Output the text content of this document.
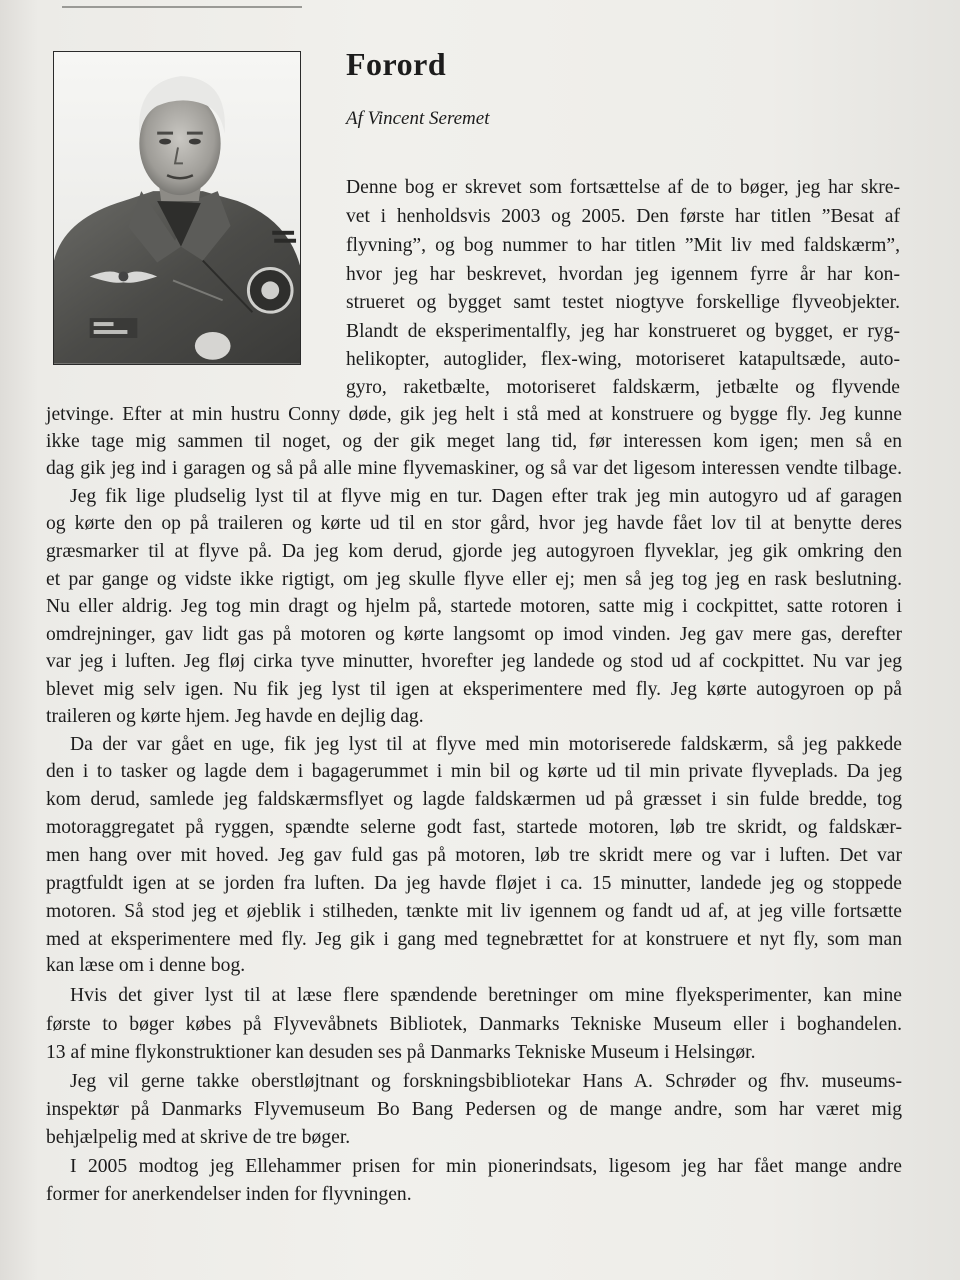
Forord

Af Vincent Seremet

Denne bog er skrevet som fortsættelse af de to bøger, jeg har skre-

vet i henholdsvis 2003 og 2005. Den første har titlen ”Besat af

flyvning”, og bog nummer to har titlen ”Mit liv med faldskærm”,

hvor jeg har beskrevet, hvordan jeg igennem fyrre år har kon-

strueret og bygget samt testet niogtyve forskellige flyveobjekter.

Blandt de eksperimentalfly, jeg har konstrueret og bygget, er ryg-

helikopter, autoglider, flex-wing, motoriseret katapultsæde, auto-

gyro, raketbælte, motoriseret faldskærm, jetbælte og flyvende

jetvinge. Efter at min hustru Conny døde, gik jeg helt i stå med at konstruere og bygge fly. Jeg kunne

ikke tage mig sammen til noget, og der gik meget lang tid, før interessen kom igen; men så en

dag gik jeg ind i garagen og så på alle mine flyvemaskiner, og så var det ligesom interessen vendte tilbage.

Jeg fik lige pludselig lyst til at flyve mig en tur. Dagen efter trak jeg min autogyro ud af garagen

og kørte den op på traileren og kørte ud til en stor gård, hvor jeg havde fået lov til at benytte deres

græsmarker til at flyve på. Da jeg kom derud, gjorde jeg autogyroen flyveklar, jeg gik omkring den

et par gange og vidste ikke rigtigt, om jeg skulle flyve eller ej; men så jeg tog jeg en rask beslutning.

Nu eller aldrig. Jeg tog min dragt og hjelm på, startede motoren, satte mig i cockpittet, satte rotoren i

omdrejninger, gav lidt gas på motoren og kørte langsomt op imod vinden. Jeg gav mere gas, derefter

var jeg i luften. Jeg fløj cirka tyve minutter, hvorefter jeg landede og stod ud af cockpittet. Nu var jeg

blevet mig selv igen. Nu fik jeg lyst til igen at eksperimentere med fly. Jeg kørte autogyroen op på

traileren og kørte hjem. Jeg havde en dejlig dag.

Da der var gået en uge, fik jeg lyst til at flyve med min motoriserede faldskærm, så jeg pakkede

den i to tasker og lagde dem i bagagerummet i min bil og kørte ud til min private flyveplads. Da jeg

kom derud, samlede jeg faldskærmsflyet og lagde faldskærmen ud på græsset i sin fulde bredde, tog

motoraggregatet på ryggen, spændte selerne godt fast, startede motoren, løb tre skridt, og faldskær-

men hang over mit hoved. Jeg gav fuld gas på motoren, løb tre skridt mere og var i luften. Det var

pragtfuldt igen at se jorden fra luften. Da jeg havde fløjet i ca. 15 minutter, landede jeg og stoppede

motoren. Så stod jeg et øjeblik i stilheden, tænkte mit liv igennem og fandt ud af, at jeg ville fortsætte

med at eksperimentere med fly. Jeg gik i gang med tegnebrættet for at konstruere et nyt fly, som man

kan læse om i denne bog.

Hvis det giver lyst til at læse flere spændende beretninger om mine flyeksperimenter, kan mine

første to bøger købes på Flyvevåbnets Bibliotek, Danmarks Tekniske Museum eller i boghandelen.

13 af mine flykonstruktioner kan desuden ses på Danmarks Tekniske Museum i Helsingør.

Jeg vil gerne takke oberstløjtnant og forskningsbibliotekar Hans A. Schrøder og fhv. museums-

inspektør på Danmarks Flyvemuseum Bo Bang Pedersen og de mange andre, som har været mig

behjælpelig med at skrive de tre bøger.

I 2005 modtog jeg Ellehammer prisen for min pionerindsats, ligesom jeg har fået mange andre

former for anerkendelser inden for flyvningen.
